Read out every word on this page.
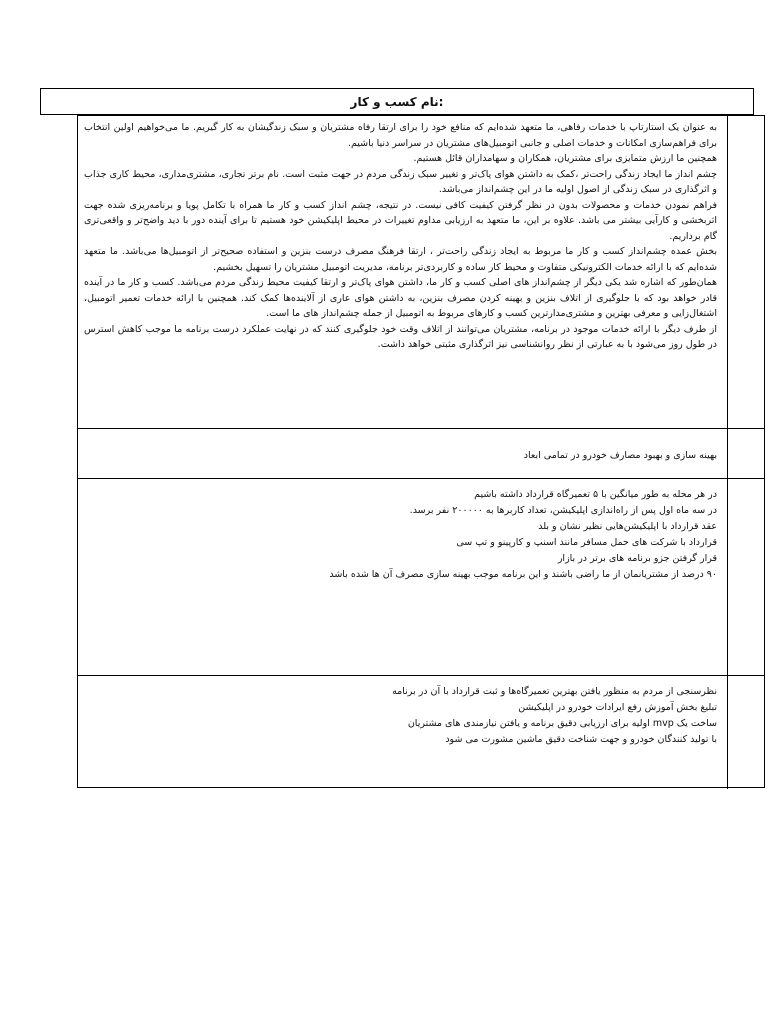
نام کسب و کار:

به عنوان یک استارتاپ با خدمات رفاهی، ما متعهد شده‌ایم که منافع خود را برای ارتقا رفاه مشتریان و سبک زندگیشان به کار گیریم. ما می‌خواهیم اولین انتخاب برای فراهم‌سازی امکانات و خدمات اصلی و جانبی اتومبیل‌های مشتریان در سراسر دنیا باشیم.

همچنین ما ارزش متمایزی برای مشتریان، همکاران و سهامداران قائل هستیم.

چشم انداز ما ایجاد زندگی راحت‌تر ،کمک به داشتن هوای پاک‌تر و تغییر سبک زندگی مردم در جهت مثبت است. نام برتر تجاری، مشتری‌مداری، محیط کاری جذاب و اثرگذاری در سبک زندگی از اصول اولیه ما در این چشم‌انداز می‌باشد.

فراهم نمودن خدمات و محصولات بدون در نظر گرفتن کیفیت کافی نیست. در نتیجه، چشم انداز کسب و کار ما همراه با تکامل پویا و برنامه‌ریزی شده جهت اثربخشی و کارآیی بیشتر می باشد. علاوه بر این، ما متعهد به ارزیابی مداوم تغییرات در محیط اپلیکیشن خود هستیم تا برای آینده دور با دید واضح‌تر و واقعی‌تری گام برداریم.

بخش عمده چشم‌انداز کسب و کار ما مربوط به ایجاد زندگی راحت‌تر ، ارتقا فرهنگ مصرف درست بنزین و استفاده صحیح‌تر از اتومبیل‌ها می‌باشد. ما متعهد شده‌ایم که با ارائه خدمات الکترونیکی متفاوت و محیط کار ساده و کاربردی‌تر برنامه، مدیریت اتومبیل مشتریان را تسهیل بخشیم.

همان‌طور که اشاره شد یکی دیگر از چشم‌انداز های اصلی کسب و کار ما، داشتن هوای پاک‌تر و ارتقا کیفیت محیط زندگی مردم می‌باشد. کسب و کار ما در آینده قادر خواهد بود که با جلوگیری از اتلاف بنزین و بهینه کردن مصرف بنزین، به داشتن هوای عاری از آلاینده‌ها کمک کند. همچنین با ارائه خدمات تعمیر اتومبیل، اشتغال‌زایی و معرفی بهترین و مشتری‌مدارترین کسب و کارهای مربوط به اتومبیل از جمله چشم‌انداز های ما است.

از طرف دیگر با ارائه خدمات موجود در برنامه، مشتریان می‌توانند از اتلاف وقت خود جلوگیری کنند که در نهایت عملکرد درست برنامه ما موجب کاهش استرس در طول روز می‌شود با به عبارتی از نظر روانشناسی نیز اثرگذاری مثبتی خواهد داشت.

بهینه سازی و بهبود مصارف خودرو در تمامی ابعاد
در هر محله به طور میانگین با ۵ تعمیرگاه قرارداد داشته باشیم
در سه ماه اول پس از راه‌اندازی اپلیکیشن، تعداد کاربرها به ۲۰۰۰۰۰ نفر برسد.
عقد قرارداد با اپلیکیشن‌هایی نظیر نشان و بلد
قرارداد با شرکت های حمل مسافر مانند اسنپ و کارپینو و تپ سی
قرار گرفتن جزو برنامه های برتر در بازار
۹۰ درصد از مشتریانمان از ما راضی باشند و این برنامه موجب بهینه سازی مصرف آن ها شده باشد
نظرسنجی از مردم به منظور یافتن بهترین تعمیرگاه‌ها و ثبت قرارداد با آن در برنامه
تبلیغ بخش آموزش رفع ایرادات خودرو در اپلیکیشن
ساخت یک mvp اولیه برای ارزیابی دقیق برنامه و یافتن نیازمندی های مشتریان
با تولید کنندگان خودرو و جهت شناخت دقیق ماشین مشورت می شود
